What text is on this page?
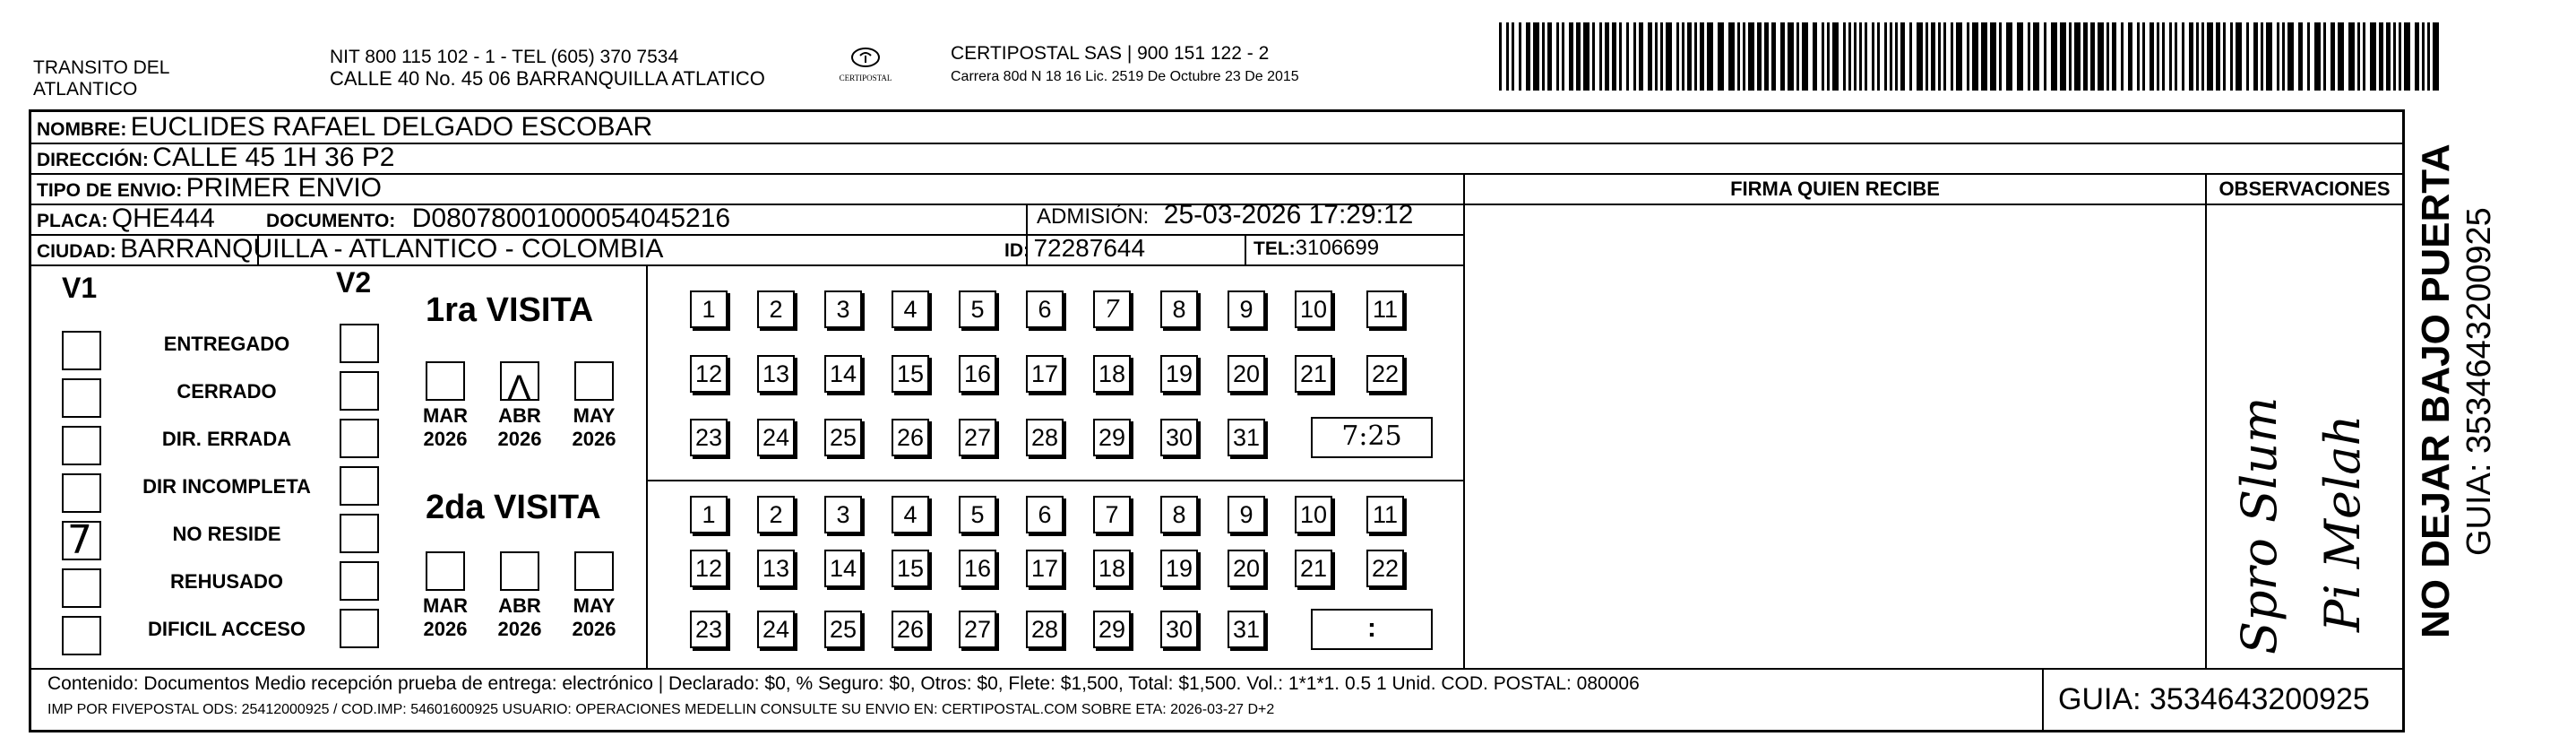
TRANSITO DEL
ATLANTICO
NIT 800 115 102 - 1 - TEL (605) 370 7534
CALLE 40 No. 45 06 BARRANQUILLA ATLATICO	CERTIPOSTAL
CERTIPOSTAL SAS | 900 151 122 - 2
Carrera 80d N 18 16 Lic. 2519 De Octubre 23 De 2015
NOMBRE: EUCLIDES RAFAEL DELGADO ESCOBAR
DIRECCIÓN: CALLE 45 1H 36 P2
TIPO DE ENVIO: PRIMER ENVIO
PLACA: QHE444	DOCUMENTO: D08078001000054045216	ADMISIÓN: 25-03-2026 17:29:12
CIUDAD: BARRANQUILLA - ATLANTICO - COLOMBIA	ID: 72287644	TEL:3106699
FIRMA QUIEN RECIBE	OBSERVACIONES
V1	V2
ENTREGADO
CERRADO
DIR. ERRADA
DIR INCOMPLETA
NO RESIDE
REHUSADO
DIFICIL ACCESO
7
1ra VISITA
2da VISITA
MAR
2026
ABR
2026
Λ
MAY
2026
MAR
2026
ABR
2026
MAY
2026
1	2	3	4	5	6	7	8	9	10 11
12 13 14 15 16 17 18 19 20 21 22
23 24 25 26 27 28 29 30 31
1	2	3	4	5	6	7	8	9	10 11
12 13 14 15 16 17 18 19 20 21 22
23 24 25 26 27 28 29 30 31
7:25
:	Spro Slum Pi Melah
Contenido: Documentos Medio recepción prueba de entrega: electrónico | Declarado: $0, % Seguro: $0, Otros: $0, Flete: $1,500, Total: $1,500. Vol.: 1*1*1. 0.5 1 Unid. COD. POSTAL: 080006
IMP POR FIVEPOSTAL ODS: 25412000925 / COD.IMP: 54601600925 USUARIO: OPERACIONES MEDELLIN CONSULTE SU ENVIO EN: CERTIPOSTAL.COM SOBRE ETA: 2026-03-27 D+2	GUIA: 3534643200925
NO DEJAR BAJO PUERTA GUIA: 3534643200925
